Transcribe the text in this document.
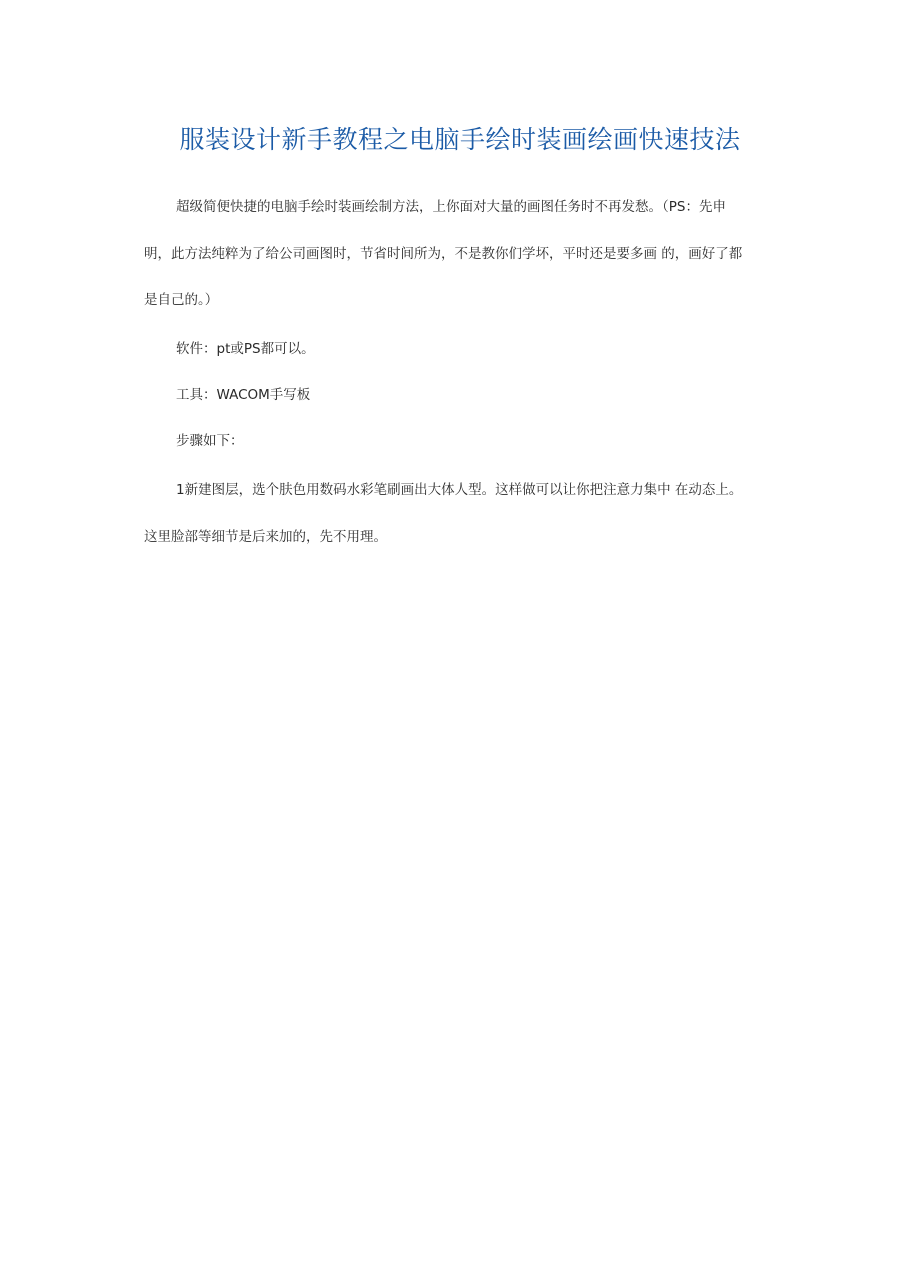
服装设计新手教程之电脑手绘时装画绘画快速技法
超级简便快捷的电脑手绘时装画绘制方法，上你面对大量的画图任务时不再发愁。（PS：先申
明，此方法纯粹为了给公司画图时，节省时间所为，不是教你们学坏，平时还是要多画 的，画好了都
是自己的。）
软件：pt或PS都可以。
工具：WACOM手写板
步骤如下：
1新建图层，选个肤色用数码水彩笔刷画出大体人型。这样做可以让你把注意力集中 在动态上。
这里脸部等细节是后来加的，先不用理。
